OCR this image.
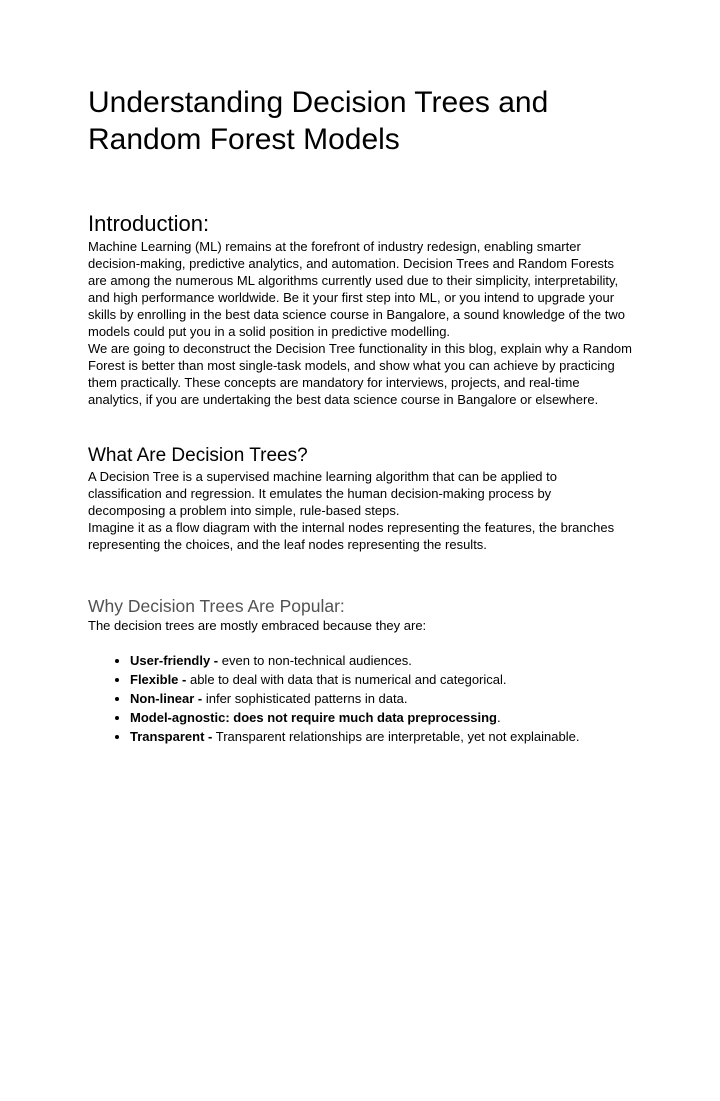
Understanding Decision Trees and Random Forest Models
Introduction:

Machine Learning (ML) remains at the forefront of industry redesign, enabling smarter decision-making, predictive analytics, and automation. Decision Trees and Random Forests are among the numerous ML algorithms currently used due to their simplicity, interpretability, and high performance worldwide. Be it your first step into ML, or you intend to upgrade your skills by enrolling in the best data science course in Bangalore, a sound knowledge of the two models could put you in a solid position in predictive modelling.

We are going to deconstruct the Decision Tree functionality in this blog, explain why a Random Forest is better than most single-task models, and show what you can achieve by practicing them practically. These concepts are mandatory for interviews, projects, and real-time analytics, if you are undertaking the best data science course in Bangalore or elsewhere.

What Are Decision Trees?

A Decision Tree is a supervised machine learning algorithm that can be applied to classification and regression. It emulates the human decision-making process by decomposing a problem into simple, rule-based steps.

Imagine it as a flow diagram with the internal nodes representing the features, the branches representing the choices, and the leaf nodes representing the results.

Why Decision Trees Are Popular:

The decision trees are mostly embraced because they are:

• User-friendly - even to non-technical audiences.
• Flexible - able to deal with data that is numerical and categorical.
• Non-linear - infer sophisticated patterns in data.
• Model-agnostic: does not require much data preprocessing.
• Transparent - Transparent relationships are interpretable, yet not explainable.
